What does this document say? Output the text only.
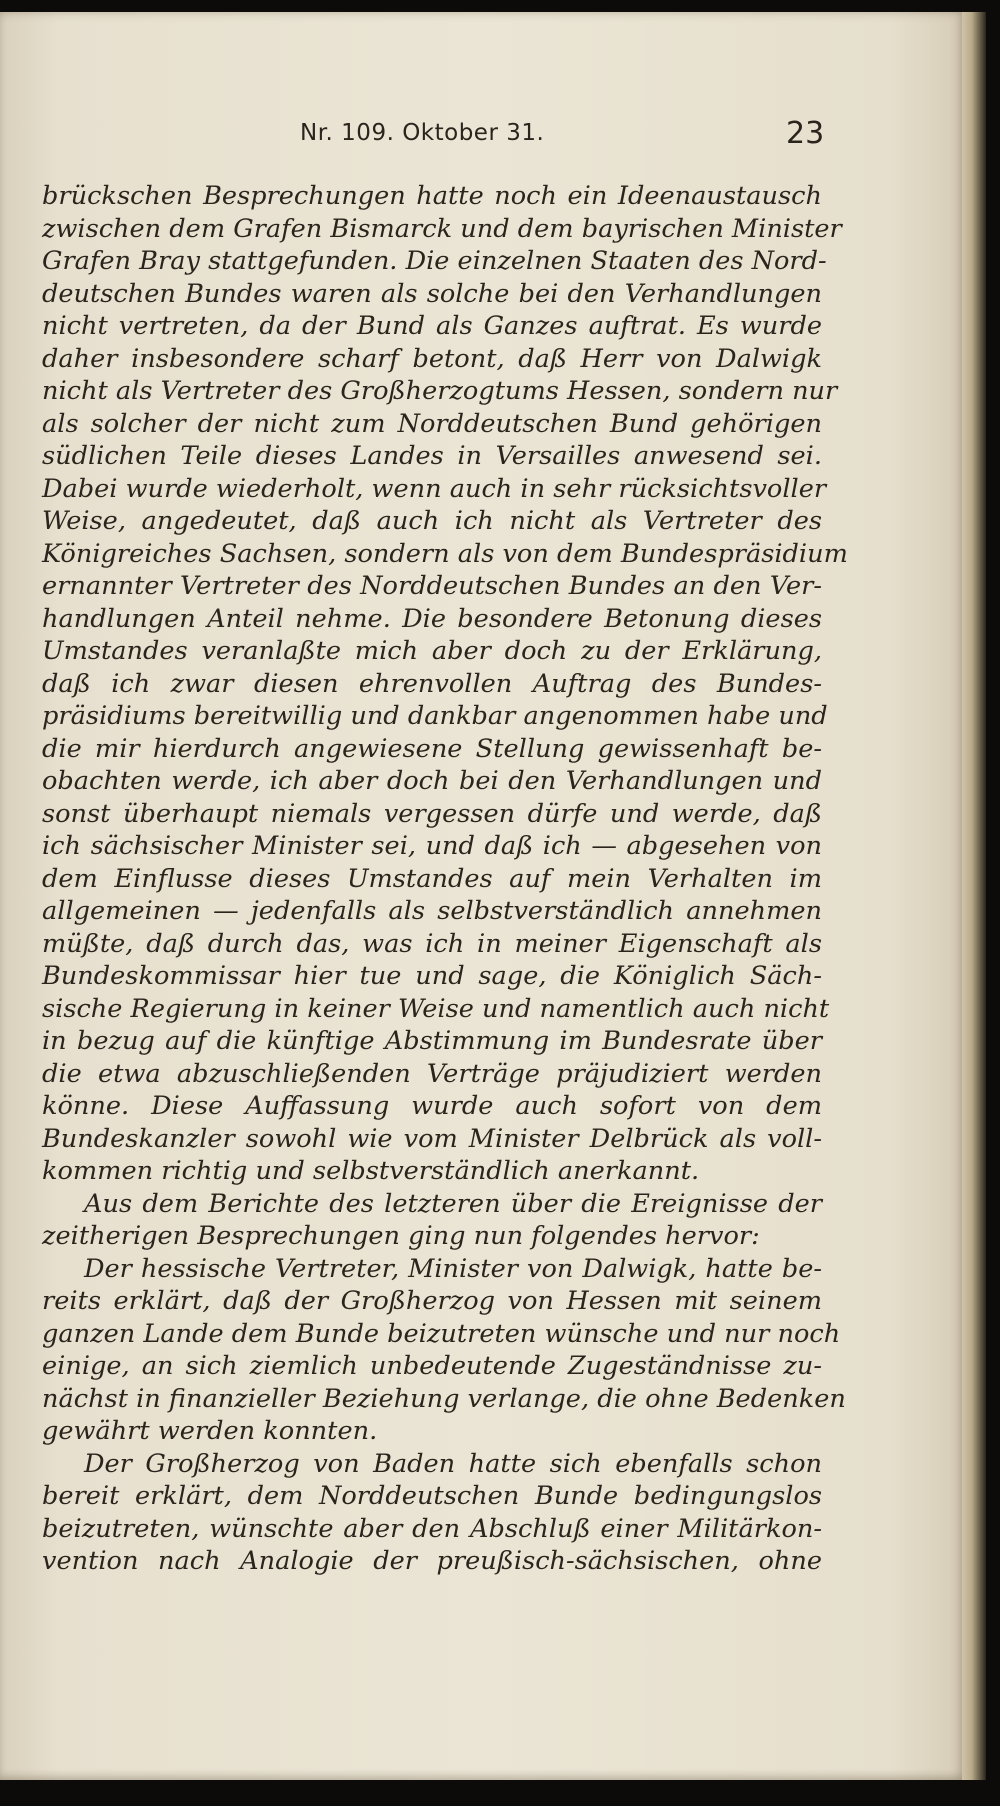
Nr. 109. Oktober 31.	23
brückschen Besprechungen hatte noch ein Ideenaustausch
zwischen dem Grafen Bismarck und dem bayrischen Minister
Grafen Bray stattgefunden. Die einzelnen Staaten des Nord-
deutschen Bundes waren als solche bei den Verhandlungen
nicht vertreten, da der Bund als Ganzes auftrat. Es wurde
daher insbesondere scharf betont, daß Herr von Dalwigk
nicht als Vertreter des Großherzogtums Hessen, sondern nur
als solcher der nicht zum Norddeutschen Bund gehörigen
südlichen Teile dieses Landes in Versailles anwesend sei.
Dabei wurde wiederholt, wenn auch in sehr rücksichtsvoller
Weise, angedeutet, daß auch ich nicht als Vertreter des
Königreiches Sachsen, sondern als von dem Bundespräsidium
ernannter Vertreter des Norddeutschen Bundes an den Ver-
handlungen Anteil nehme. Die besondere Betonung dieses
Umstandes veranlaßte mich aber doch zu der Erklärung,
daß ich zwar diesen ehrenvollen Auftrag des Bundes-
präsidiums bereitwillig und dankbar angenommen habe und
die mir hierdurch angewiesene Stellung gewissenhaft be-
obachten werde, ich aber doch bei den Verhandlungen und
sonst überhaupt niemals vergessen dürfe und werde, daß
ich sächsischer Minister sei, und daß ich — abgesehen von
dem Einflusse dieses Umstandes auf mein Verhalten im
allgemeinen — jedenfalls als selbstverständlich annehmen
müßte, daß durch das, was ich in meiner Eigenschaft als
Bundeskommissar hier tue und sage, die Königlich Säch-
sische Regierung in keiner Weise und namentlich auch nicht
in bezug auf die künftige Abstimmung im Bundesrate über
die etwa abzuschließenden Verträge präjudiziert werden
könne. Diese Auffassung wurde auch sofort von dem
Bundeskanzler sowohl wie vom Minister Delbrück als voll-
kommen richtig und selbstverständlich anerkannt.
Aus dem Berichte des letzteren über die Ereignisse der
zeitherigen Besprechungen ging nun folgendes hervor:
Der hessische Vertreter, Minister von Dalwigk, hatte be-
reits erklärt, daß der Großherzog von Hessen mit seinem
ganzen Lande dem Bunde beizutreten wünsche und nur noch
einige, an sich ziemlich unbedeutende Zugeständnisse zu-
nächst in finanzieller Beziehung verlange, die ohne Bedenken
gewährt werden konnten.
Der Großherzog von Baden hatte sich ebenfalls schon
bereit erklärt, dem Norddeutschen Bunde bedingungslos
beizutreten, wünschte aber den Abschluß einer Militärkon-
vention nach Analogie der preußisch-sächsischen, ohne
